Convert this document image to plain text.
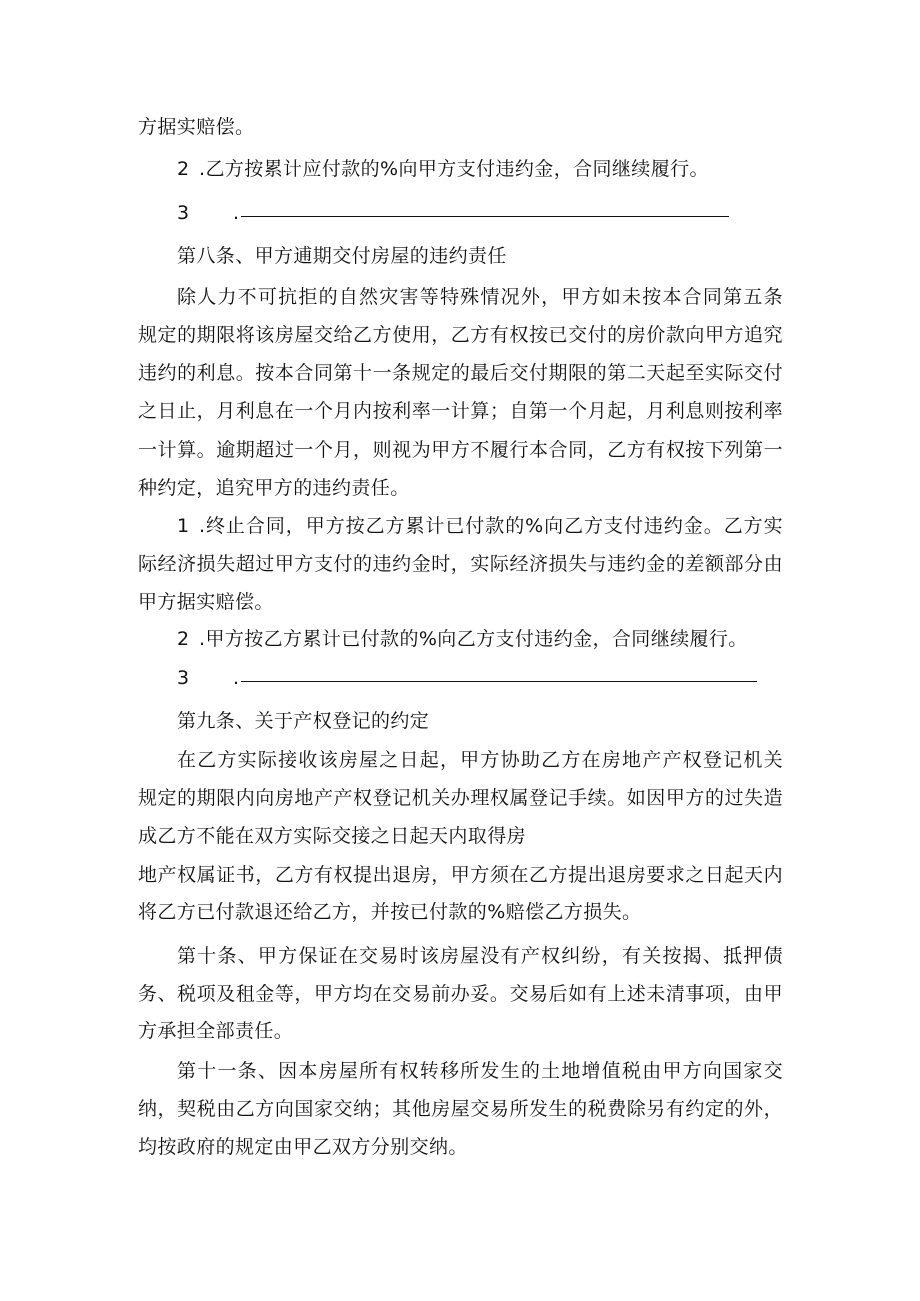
方据实赔偿。
2 .乙方按累计应付款的%向甲方支付违约金，合同继续履行。
3 .
第八条、甲方逋期交付房屋的违约责任
除人力不可抗拒的自然灾害等特殊情况外，甲方如未按本合同第五条
规定的期限将该房屋交给乙方使用，乙方有权按已交付的房价款向甲方追究
违约的利息。按本合同第十一条规定的最后交付期限的第二天起至实际交付
之日止，月利息在一个月内按利率一计算；自第一个月起，月利息则按利率
一计算。逾期超过一个月，则视为甲方不履行本合同，乙方有权按下列第一
种约定，追究甲方的违约责任。
1 .终止合同，甲方按乙方累计已付款的%向乙方支付违约金。乙方实
际经济损失超过甲方支付的违约金时，实际经济损失与违约金的差额部分由
甲方据实赔偿。
2 .甲方按乙方累计已付款的%向乙方支付违约金，合同继续履行。
3 .
第九条、关于产权登记的约定
在乙方实际接收该房屋之日起，甲方协助乙方在房地产产权登记机关
规定的期限内向房地产产权登记机关办理权属登记手续。如因甲方的过失造
成乙方不能在双方实际交接之日起天内取得房
地产权属证书，乙方有权提出退房，甲方须在乙方提出退房要求之日起天内
将乙方已付款退还给乙方，并按已付款的%赔偿乙方损失。
第十条、甲方保证在交易时该房屋没有产权纠纷，有关按揭、抵押债
务、税项及租金等，甲方均在交易前办妥。交易后如有上述未清事项，由甲
方承担全部责任。
第十一条、因本房屋所有权转移所发生的土地增值税由甲方向国家交
纳，契税由乙方向国家交纳；其他房屋交易所发生的税费除另有约定的外，
均按政府的规定由甲乙双方分别交纳。
